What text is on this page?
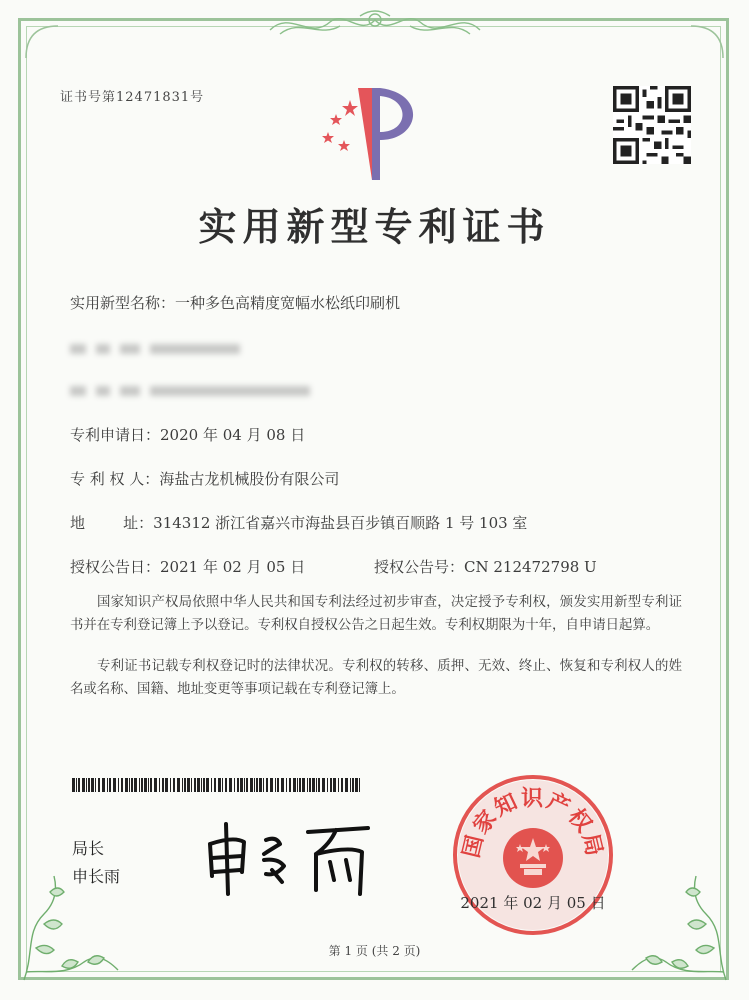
证书号第12471831号
实用新型专利证书
实用新型名称：一种多色高精度宽幅水松纸印刷机
专利申请日：2020 年 04 月 08 日
专 利 权 人：海盐古龙机械股份有限公司
地        址：314312 浙江省嘉兴市海盐县百步镇百顺路 1 号 103 室
授权公告日：2021 年 02 月 05 日	授权公告号：CN 212472798 U
国家知识产权局依照中华人民共和国专利法经过初步审查，决定授予专利权，颁发实用新型专利证书并在专利登记簿上予以登记。专利权自授权公告之日起生效。专利权期限为十年，自申请日起算。
专利证书记载专利权登记时的法律状况。专利权的转移、质押、无效、终止、恢复和专利权人的姓名或名称、国籍、地址变更等事项记载在专利登记簿上。
局长
申长雨
国家知识产权局
2021 年 02 月 05 日
第 1 页 (共 2 页)
